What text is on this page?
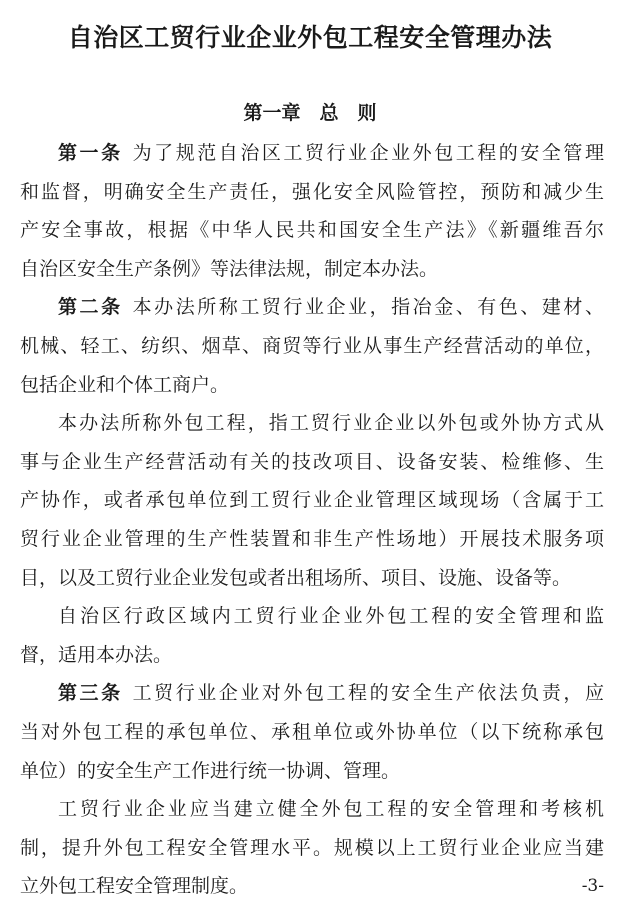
自治区工贸行业企业外包工程安全管理办法
第一章　总　则
第一条 为了规范自治区工贸行业企业外包工程的安全管理
和监督，明确安全生产责任，强化安全风险管控，预防和减少生
产安全事故，根据《中华人民共和国安全生产法》《新疆维吾尔
自治区安全生产条例》等法律法规，制定本办法。
第二条 本办法所称工贸行业企业，指冶金、有色、建材、
机械、轻工、纺织、烟草、商贸等行业从事生产经营活动的单位，
包括企业和个体工商户。
本办法所称外包工程，指工贸行业企业以外包或外协方式从
事与企业生产经营活动有关的技改项目、设备安装、检维修、生
产协作，或者承包单位到工贸行业企业管理区域现场（含属于工
贸行业企业管理的生产性装置和非生产性场地）开展技术服务项
目，以及工贸行业企业发包或者出租场所、项目、设施、设备等。
自治区行政区域内工贸行业企业外包工程的安全管理和监
督，适用本办法。
第三条 工贸行业企业对外包工程的安全生产依法负责，应
当对外包工程的承包单位、承租单位或外协单位（以下统称承包
单位）的安全生产工作进行统一协调、管理。
工贸行业企业应当建立健全外包工程的安全管理和考核机
制，提升外包工程安全管理水平。规模以上工贸行业企业应当建
立外包工程安全管理制度。	-3-
